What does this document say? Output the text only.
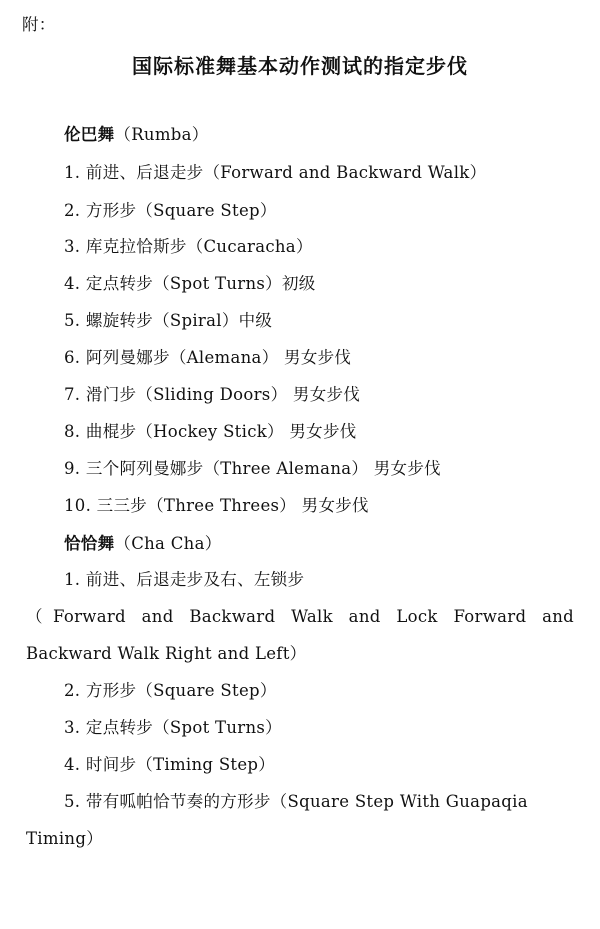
附：
国际标准舞基本动作测试的指定步伐
伦巴舞（Rumba）
1. 前进、后退走步（Forward and Backward Walk）
2. 方形步（Square Step）
3. 库克拉恰斯步（Cucaracha）
4. 定点转步（Spot Turns）初级
5. 螺旋转步（Spiral）中级
6. 阿列曼娜步（Alemana） 男女步伐
7. 滑门步（Sliding Doors） 男女步伐
8. 曲棍步（Hockey Stick） 男女步伐
9. 三个阿列曼娜步（Three Alemana） 男女步伐
10. 三三步（Three Threes） 男女步伐
恰恰舞（Cha Cha）
1. 前进、后退走步及右、左锁步
（Forward and Backward Walk and Lock Forward and
Backward Walk Right and Left）
2. 方形步（Square Step）
3. 定点转步（Spot Turns）
4. 时间步（Timing Step）
5. 带有呱帕恰节奏的方形步（Square Step With Guapaqia
Timing）
